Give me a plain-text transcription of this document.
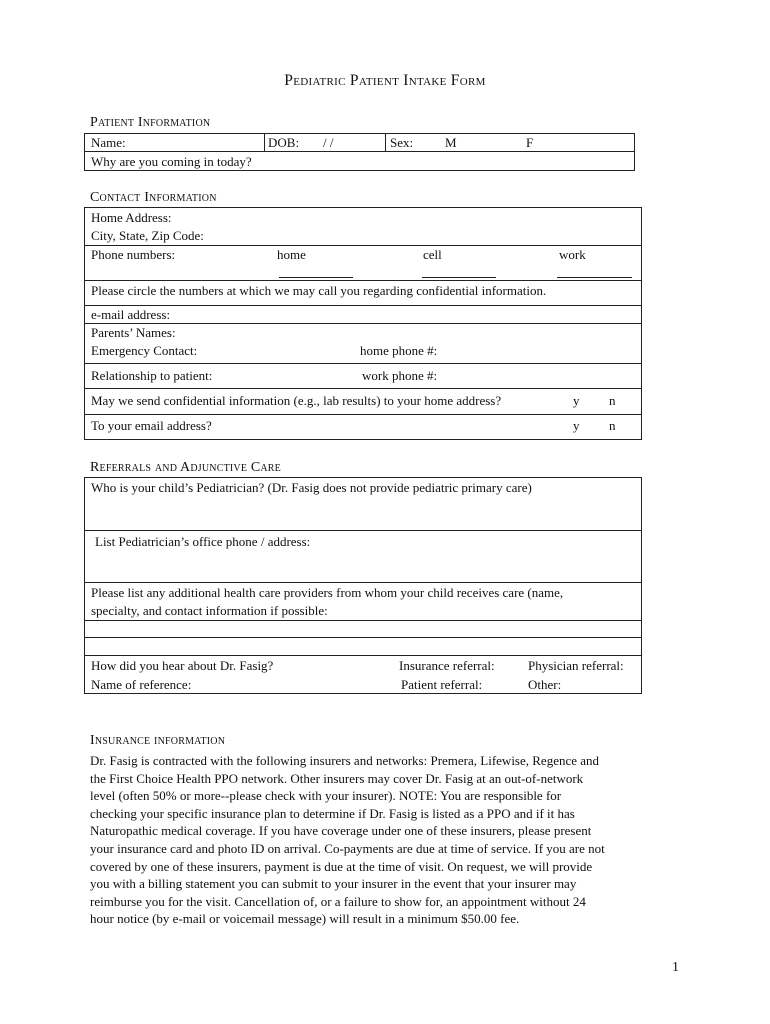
Pediatric Patient Intake Form
Patient Information
Name:	DOB: / /	Sex: M	F
Why are you coming in today?
Contact Information
Home Address:
City, State, Zip Code:
Phone numbers:	home	cell	work
Please circle the numbers at which we may call you regarding confidential information.
e-mail address:
Parents’ Names:
Emergency Contact:	home phone #:
Relationship to patient:	work phone #:
May we send confidential information (e.g., lab results) to your home address?	y n
To your email address?	y n
Referrals and Adjunctive Care
Who is your child’s Pediatrician? (Dr. Fasig does not provide pediatric primary care)
List Pediatrician’s office phone / address:
Please list any additional health care providers from whom your child receives care (name,
specialty, and contact information if possible:
How did you hear about Dr. Fasig?	Insurance referral:	Physician referral:
Name of reference:	Patient referral:	Other:
Insurance information
Dr. Fasig is contracted with the following insurers and networks: Premera, Lifewise, Regence and
the First Choice Health PPO network. Other insurers may cover Dr. Fasig at an out-of-network
level (often 50% or more--please check with your insurer). NOTE: You are responsible for
checking your specific insurance plan to determine if Dr. Fasig is listed as a PPO and if it has
Naturopathic medical coverage. If you have coverage under one of these insurers, please present
your insurance card and photo ID on arrival. Co-payments are due at time of service. If you are not
covered by one of these insurers, payment is due at the time of visit. On request, we will provide
you with a billing statement you can submit to your insurer in the event that your insurer may
reimburse you for the visit. Cancellation of, or a failure to show for, an appointment without 24
hour notice (by e-mail or voicemail message) will result in a minimum $50.00 fee.
1
